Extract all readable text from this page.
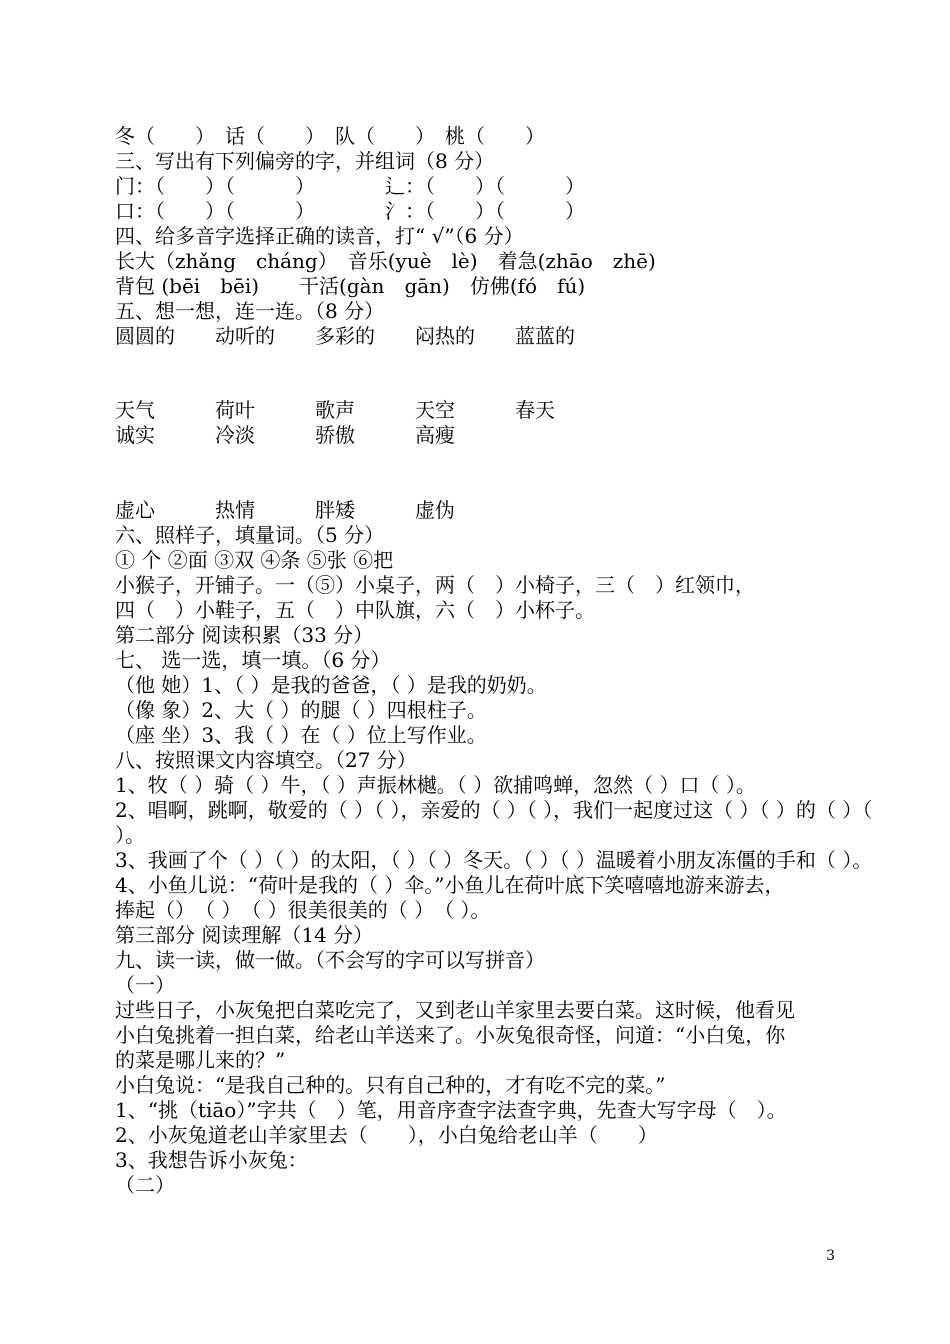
冬（　　）　话（　　）　队（　　）　桃（　　）

三、写出有下列偏旁的字，并组词（8 分）

门：（　　）（　　　）　　　　⻍：（　　）（　　　）

口：（　　）（　　　）　　　　氵：（　　）（　　　）

四、给多音字选择正确的读音，打“ √”（6 分）

长大（zhǎng　cháng）　音乐(yuè　lè)　着急(zhāo　zhē)

背包 (bēi　bēi)　　干活(gàn　gān)　仿佛(fó　fú)

五、想一想，连一连。（8 分）

圆圆的　　动听的　　多彩的　　闷热的　　蓝蓝的

天气　　　荷叶　　　歌声　　　天空　　　春天

诚实　　　冷淡　　　骄傲　　　高瘦

虚心　　　热情　　　胖矮　　　虚伪

六、照样子，填量词。（5 分）

① 个 ②面 ③双 ④条 ⑤张 ⑥把

小猴子，开铺子。一（⑤）小桌子，两（　）小椅子，三（　）红领巾，

四（　）小鞋子，五（　）中队旗，六（　）小杯子。

第二部分 阅读积累（33 分）

七、 选一选，填一填。（6 分）

（他 她）1、（ ）是我的爸爸，（ ）是我的奶奶。

（像 象）2、大（ ）的腿（ ）四根柱子。

（座 坐）3、我（ ）在（ ）位上写作业。

八、按照课文内容填空。（27 分）

1、牧（ ）骑（ ）牛，（ ）声振林樾。（ ）欲捕鸣蝉，忽然（ ）口（ ）。

2、唱啊，跳啊，敬爱的（ ）（ ），亲爱的（ ）（ ），我们一起度过这（ ）（ ）的（ ）（

）。

3、我画了个（ ）（ ）的太阳，（ ）（ ）冬天。（ ）（ ）温暖着小朋友冻僵的手和（ ）。

4、小鱼儿说：“荷叶是我的（ ）伞。”小鱼儿在荷叶底下笑嘻嘻地游来游去，

捧起（）　（ ）　（ ）很美很美的（ ）　（ ）。

第三部分 阅读理解（14 分）

九、读一读，做一做。（不会写的字可以写拼音）

（一）

过些日子，小灰兔把白菜吃完了，又到老山羊家里去要白菜。这时候，他看见

小白兔挑着一担白菜，给老山羊送来了。小灰兔很奇怪，问道：“小白兔，你

的菜是哪儿来的？”

小白兔说：“是我自己种的。只有自己种的，才有吃不完的菜。”

1、“挑（tiāo）”字共（　）笔，用音序查字法查字典，先查大写字母（　）。

2、小灰兔道老山羊家里去（　　），小白兔给老山羊（　　）

3、我想告诉小灰兔：

（二）

3
